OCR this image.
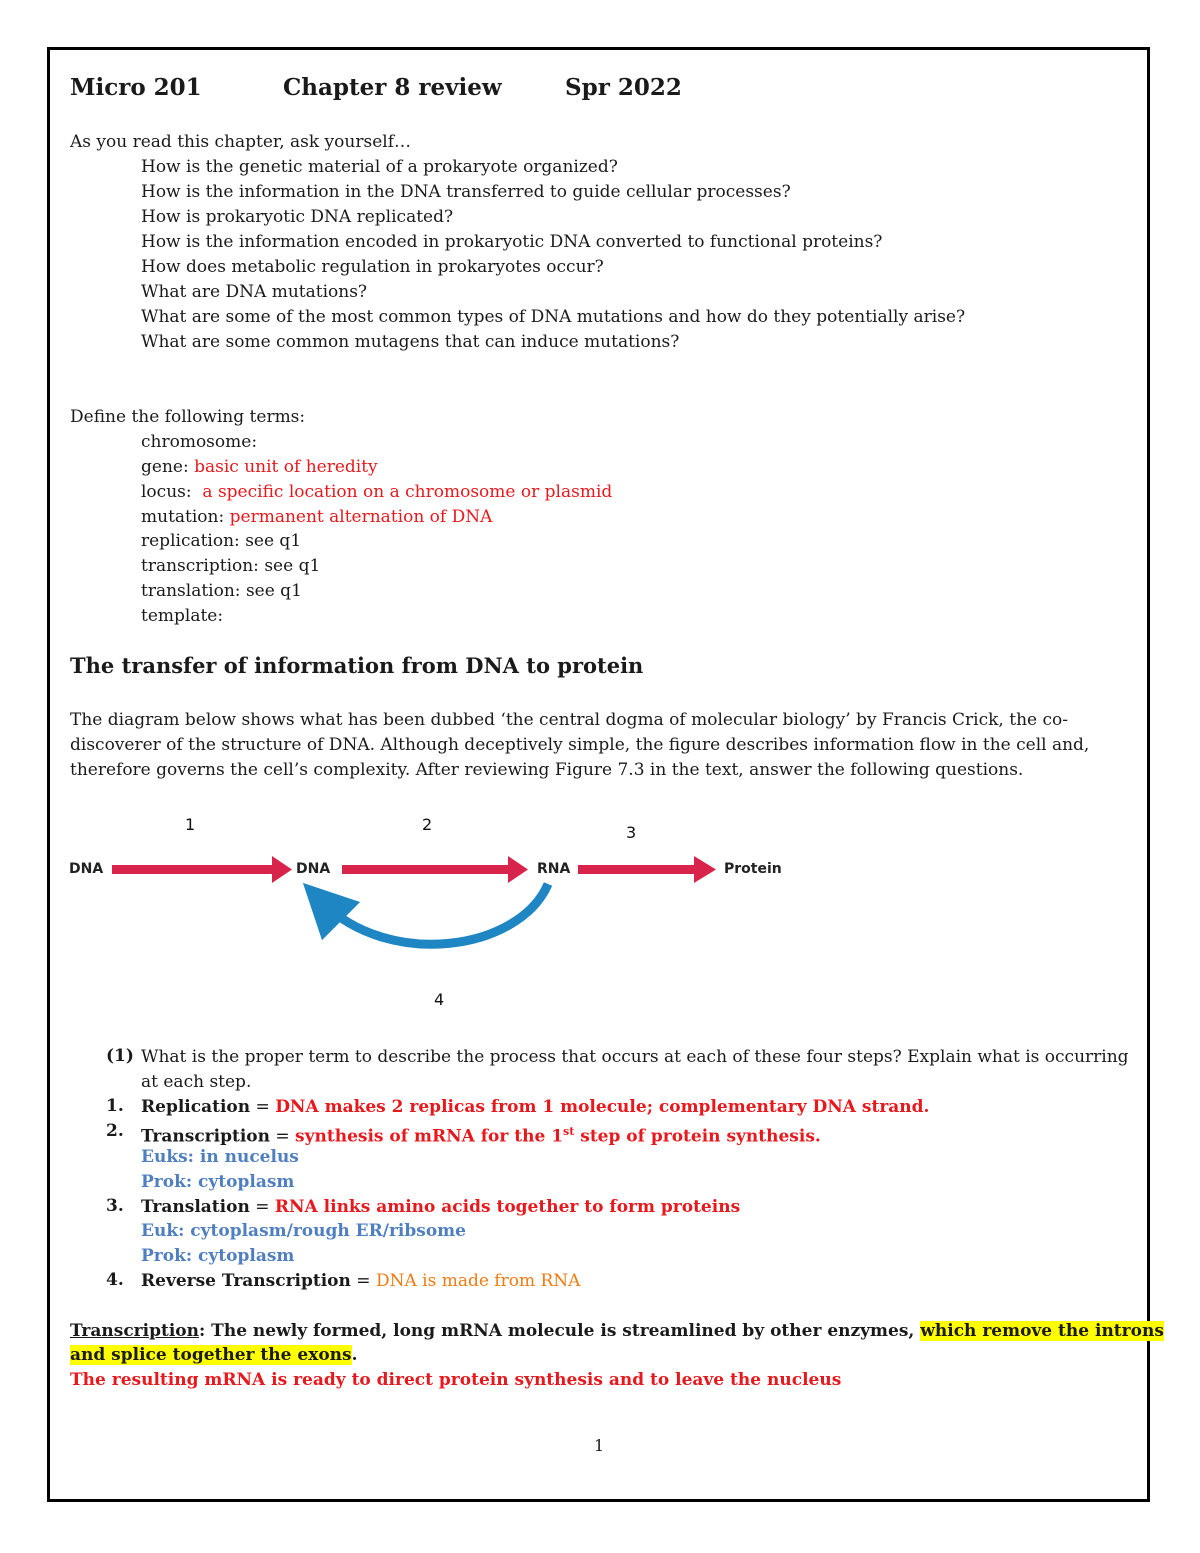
Micro 201	Chapter 8 review	Spr 2022
As you read this chapter, ask yourself…
How is the genetic material of a prokaryote organized?
How is the information in the DNA transferred to guide cellular processes?
How is prokaryotic DNA replicated?
How is the information encoded in prokaryotic DNA converted to functional proteins?
How does metabolic regulation in prokaryotes occur?
What are DNA mutations?
What are some of the most common types of DNA mutations and how do they potentially arise?
What are some common mutagens that can induce mutations?
Define the following terms:
chromosome:
gene: basic unit of heredity
locus: a specific location on a chromosome or plasmid
mutation: permanent alternation of DNA
replication: see q1
transcription: see q1
translation: see q1
template:
The transfer of information from DNA to protein
The diagram below shows what has been dubbed ‘the central dogma of molecular biology’ by Francis Crick, the co-
discoverer of the structure of DNA. Although deceptively simple, the figure describes information flow in the cell and,
therefore governs the cell’s complexity. After reviewing Figure 7.3 in the text, answer the following questions.
1	2	3
4
DNA	DNA	RNA	Protein
(1) What is the proper term to describe the process that occurs at each of these four steps? Explain what is occurring
at each step.
1. Replication = DNA makes 2 replicas from 1 molecule; complementary DNA strand.
2. Transcription = synthesis of mRNA for the 1st step of protein synthesis.
Euks: in nucelus
Prok: cytoplasm
3. Translation = RNA links amino acids together to form proteins
Euk: cytoplasm/rough ER/ribsome
Prok: cytoplasm
4. Reverse Transcription = DNA is made from RNA
Transcription: The newly formed, long mRNA molecule is streamlined by other enzymes, which remove the introns
and splice together the exons.
The resulting mRNA is ready to direct protein synthesis and to leave the nucleus
1
